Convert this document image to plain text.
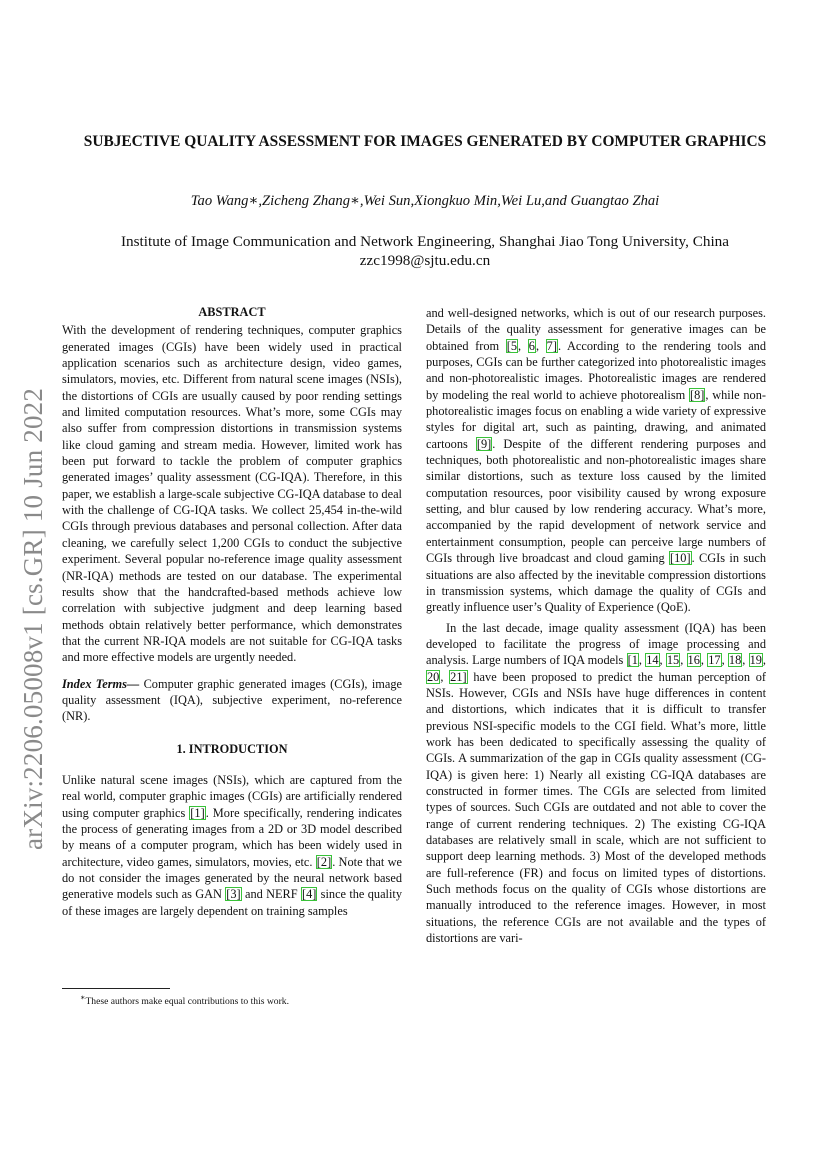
arXiv:2206.05008v1 [cs.GR] 10 Jun 2022
SUBJECTIVE QUALITY ASSESSMENT FOR IMAGES GENERATED BY COMPUTER GRAPHICS
Tao Wang∗,Zicheng Zhang∗,Wei Sun,Xiongkuo Min,Wei Lu,and Guangtao Zhai
Institute of Image Communication and Network Engineering, Shanghai Jiao Tong University, China
zzc1998@sjtu.edu.cn
ABSTRACT

With the development of rendering techniques, computer graphics generated images (CGIs) have been widely used in practical application scenarios such as architecture design, video games, simulators, movies, etc. Different from natural scene images (NSIs), the distortions of CGIs are usually caused by poor rending settings and limited computation resources. What’s more, some CGIs may also suffer from compression distortions in transmission systems like cloud gaming and stream media. However, limited work has been put forward to tackle the problem of computer graphics generated images’ quality assessment (CG-IQA). Therefore, in this paper, we establish a large-scale subjective CG-IQA database to deal with the challenge of CG-IQA tasks. We collect 25,454 in-the-wild CGIs through previous databases and personal collection. After data cleaning, we carefully select 1,200 CGIs to conduct the subjective experiment. Several popular no-reference image quality assessment (NR-IQA) methods are tested on our database. The experimental results show that the handcrafted-based methods achieve low correlation with subjective judgment and deep learning based methods obtain relatively better performance, which demonstrates that the current NR-IQA models are not suitable for CG-IQA tasks and more effective models are urgently needed.

Index Terms— Computer graphic generated images (CGIs), image quality assessment (IQA), subjective experiment, no-reference (NR).

1. INTRODUCTION

Unlike natural scene images (NSIs), which are captured from the real world, computer graphic images (CGIs) are artificially rendered using computer graphics [1]. More specifically, rendering indicates the process of generating images from a 2D or 3D model described by means of a computer program, which has been widely used in architecture, video games, simulators, movies, etc. [2]. Note that we do not consider the images generated by the neural network based generative models such as GAN [3] and NERF [4] since the quality of these images are largely dependent on training samples

∗These authors make equal contributions to this work.

and well-designed networks, which is out of our research purposes. Details of the quality assessment for generative images can be obtained from [5, 6, 7]. According to the rendering tools and purposes, CGIs can be further categorized into photorealistic images and non-photorealistic images. Photorealistic images are rendered by modeling the real world to achieve photorealism [8], while non-photorealistic images focus on enabling a wide variety of expressive styles for digital art, such as painting, drawing, and animated cartoons [9]. Despite of the different rendering purposes and techniques, both photorealistic and non-photorealistic images share similar distortions, such as texture loss caused by the limited computation resources, poor visibility caused by wrong exposure setting, and blur caused by low rendering accuracy. What’s more, accompanied by the rapid development of network service and entertainment consumption, people can perceive large numbers of CGIs through live broadcast and cloud gaming [10]. CGIs in such situations are also affected by the inevitable compression distortions in transmission systems, which damage the quality of CGIs and greatly influence user’s Quality of Experience (QoE).

In the last decade, image quality assessment (IQA) has been developed to facilitate the progress of image processing and analysis. Large numbers of IQA models [1, 14, 15, 16, 17, 18, 19, 20, 21] have been proposed to predict the human perception of NSIs. However, CGIs and NSIs have huge differences in content and distortions, which indicates that it is difficult to transfer previous NSI-specific models to the CGI field. What’s more, little work has been dedicated to specifically assessing the quality of CGIs. A summarization of the gap in CGIs quality assessment (CG-IQA) is given here: 1) Nearly all existing CG-IQA databases are constructed in former times. The CGIs are selected from limited types of sources. Such CGIs are outdated and not able to cover the range of current rendering techniques. 2) The existing CG-IQA databases are relatively small in scale, which are not sufficient to support deep learning methods. 3) Most of the developed methods are full-reference (FR) and focus on limited types of distortions. Such methods focus on the quality of CGIs whose distortions are manually introduced to the reference images. However, in most situations, the reference CGIs are not available and the types of distortions are vari-
